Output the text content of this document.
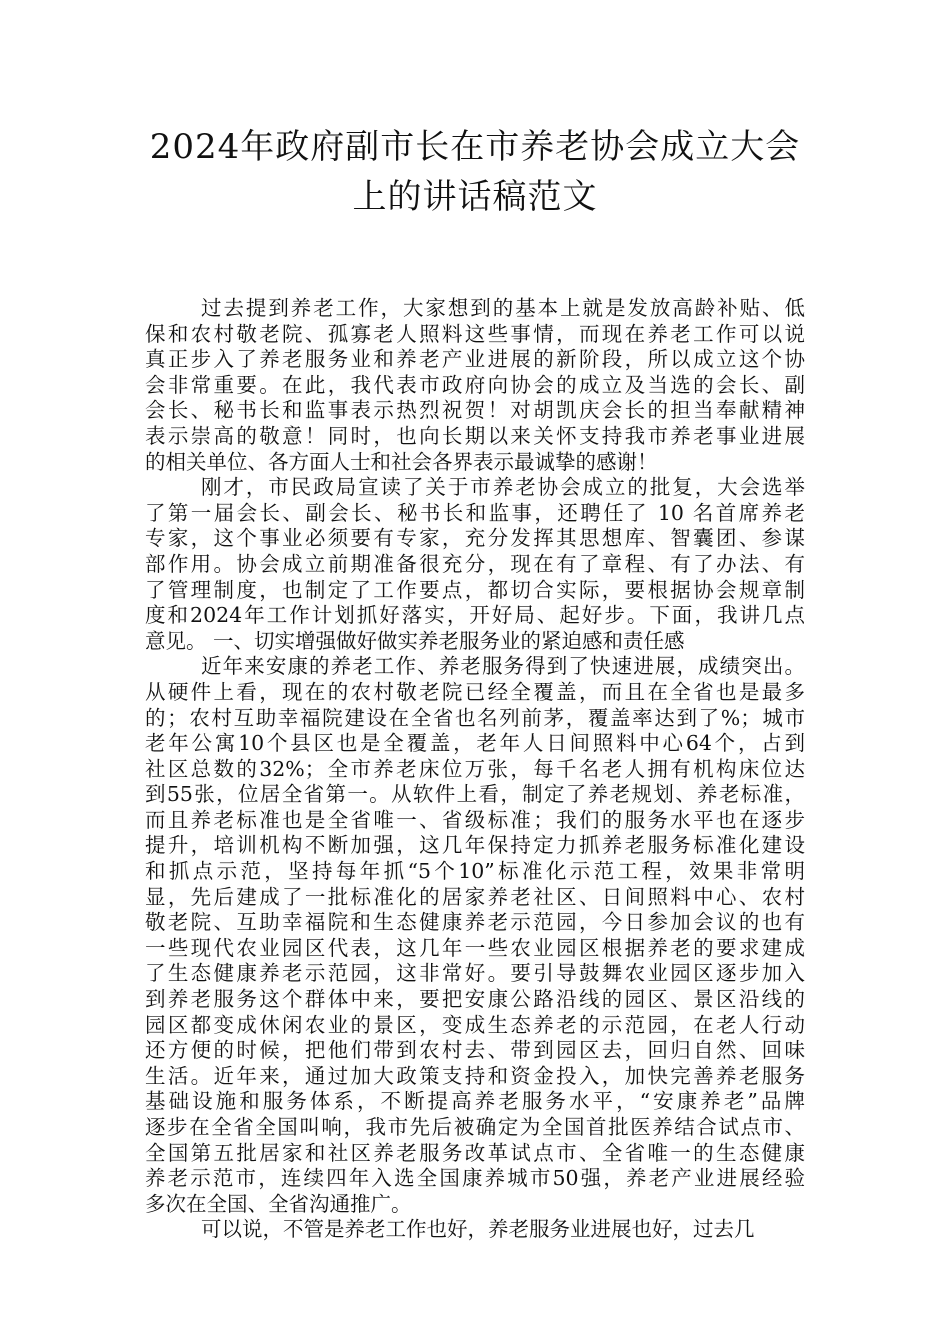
2024年政府副市长在市养老协会成立大会
上的讲话稿范文
过去提到养老工作，大家想到的基本上就是发放高龄补贴、低
保和农村敬老院、孤寡老人照料这些事情，而现在养老工作可以说
真正步入了养老服务业和养老产业进展的新阶段，所以成立这个协
会非常重要。在此，我代表市政府向协会的成立及当选的会长、副
会长、秘书长和监事表示热烈祝贺！对胡凯庆会长的担当奉献精神
表示崇高的敬意！同时，也向长期以来关怀支持我市养老事业进展
的相关单位、各方面人士和社会各界表示最诚挚的感谢！
刚才，市民政局宣读了关于市养老协会成立的批复，大会选举
了第一届会长、副会长、秘书长和监事，还聘任了 10 名首席养老
专家，这个事业必须要有专家，充分发挥其思想库、智囊团、参谋
部作用。协会成立前期准备很充分，现在有了章程、有了办法、有
了管理制度，也制定了工作要点，都切合实际，要根据协会规章制
度和2024年工作计划抓好落实，开好局、起好步。下面，我讲几点
意见。 一、切实增强做好做实养老服务业的紧迫感和责任感
近年来安康的养老工作、养老服务得到了快速进展，成绩突出。
从硬件上看，现在的农村敬老院已经全覆盖，而且在全省也是最多
的；农村互助幸福院建设在全省也名列前茅，覆盖率达到了%；城市
老年公寓10个县区也是全覆盖，老年人日间照料中心64个，占到
社区总数的32%；全市养老床位万张，每千名老人拥有机构床位达
到55张，位居全省第一。从软件上看，制定了养老规划、养老标准，
而且养老标准也是全省唯一、省级标准；我们的服务水平也在逐步
提升，培训机构不断加强，这几年保持定力抓养老服务标准化建设
和抓点示范，坚持每年抓“5个10”标准化示范工程，效果非常明
显，先后建成了一批标准化的居家养老社区、日间照料中心、农村
敬老院、互助幸福院和生态健康养老示范园，今日参加会议的也有
一些现代农业园区代表，这几年一些农业园区根据养老的要求建成
了生态健康养老示范园，这非常好。要引导鼓舞农业园区逐步加入
到养老服务这个群体中来，要把安康公路沿线的园区、景区沿线的
园区都变成休闲农业的景区，变成生态养老的示范园，在老人行动
还方便的时候，把他们带到农村去、带到园区去，回归自然、回味
生活。近年来，通过加大政策支持和资金投入，加快完善养老服务
基础设施和服务体系，不断提高养老服务水平，“安康养老”品牌
逐步在全省全国叫响，我市先后被确定为全国首批医养结合试点市、
全国第五批居家和社区养老服务改革试点市、全省唯一的生态健康
养老示范市，连续四年入选全国康养城市50强，养老产业进展经验
多次在全国、全省沟通推广。
可以说，不管是养老工作也好，养老服务业进展也好，过去几
